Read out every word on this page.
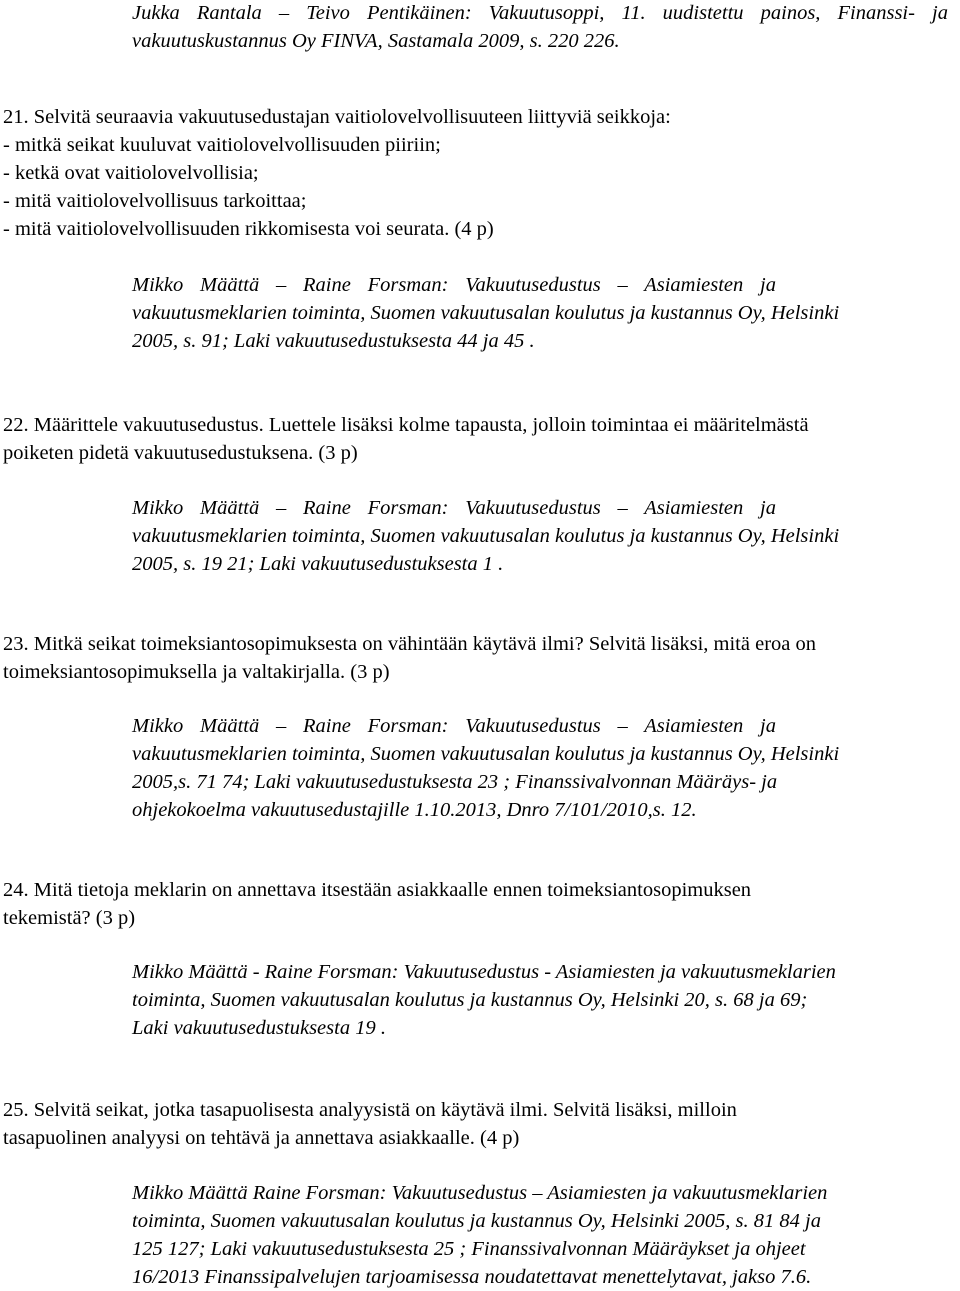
Jukka Rantala – Teivo Pentikäinen: Vakuutusoppi, 11. uudistettu painos, Finanssi- ja
vakuutuskustannus Oy FINVA, Sastamala 2009, s. 220 226.
21. Selvitä seuraavia vakuutusedustajan vaitiolovelvollisuuteen liittyviä seikkoja:
- mitkä seikat kuuluvat vaitiolovelvollisuuden piiriin;
- ketkä ovat vaitiolovelvollisia;
- mitä vaitiolovelvollisuus tarkoittaa;
- mitä vaitiolovelvollisuuden rikkomisesta voi seurata. (4 p)
Mikko Määttä – Raine Forsman: Vakuutusedustus – Asiamiesten ja
vakuutusmeklarien toiminta, Suomen vakuutusalan koulutus ja kustannus Oy, Helsinki
2005, s. 91; Laki vakuutusedustuksesta 44 ja 45 .
22. Määrittele vakuutusedustus. Luettele lisäksi kolme tapausta, jolloin toimintaa ei määritelmästä
poiketen pidetä vakuutusedustuksena. (3 p)
Mikko Määttä – Raine Forsman: Vakuutusedustus – Asiamiesten ja
vakuutusmeklarien toiminta, Suomen vakuutusalan koulutus ja kustannus Oy, Helsinki
2005, s. 19 21; Laki vakuutusedustuksesta 1 .
23. Mitkä seikat toimeksiantosopimuksesta on vähintään käytävä ilmi? Selvitä lisäksi, mitä eroa on
toimeksiantosopimuksella ja valtakirjalla. (3 p)
Mikko Määttä – Raine Forsman: Vakuutusedustus – Asiamiesten ja
vakuutusmeklarien toiminta, Suomen vakuutusalan koulutus ja kustannus Oy, Helsinki
2005,s. 71 74; Laki vakuutusedustuksesta 23 ; Finanssivalvonnan Määräys- ja
ohjekokoelma vakuutusedustajille 1.10.2013, Dnro 7/101/2010,s. 12.
24. Mitä tietoja meklarin on annettava itsestään asiakkaalle ennen toimeksiantosopimuksen
tekemistä? (3 p)
Mikko Määttä - Raine Forsman: Vakuutusedustus - Asiamiesten ja vakuutusmeklarien
toiminta, Suomen vakuutusalan koulutus ja kustannus Oy, Helsinki 20, s. 68 ja 69;
Laki vakuutusedustuksesta 19 .
25. Selvitä seikat, jotka tasapuolisesta analyysistä on käytävä ilmi. Selvitä lisäksi, milloin
tasapuolinen analyysi on tehtävä ja annettava asiakkaalle. (4 p)
Mikko Määttä Raine Forsman: Vakuutusedustus – Asiamiesten ja vakuutusmeklarien
toiminta, Suomen vakuutusalan koulutus ja kustannus Oy, Helsinki 2005, s. 81 84 ja
125 127; Laki vakuutusedustuksesta 25 ; Finanssivalvonnan Määräykset ja ohjeet
16/2013 Finanssipalvelujen tarjoamisessa noudatettavat menettelytavat, jakso 7.6.
